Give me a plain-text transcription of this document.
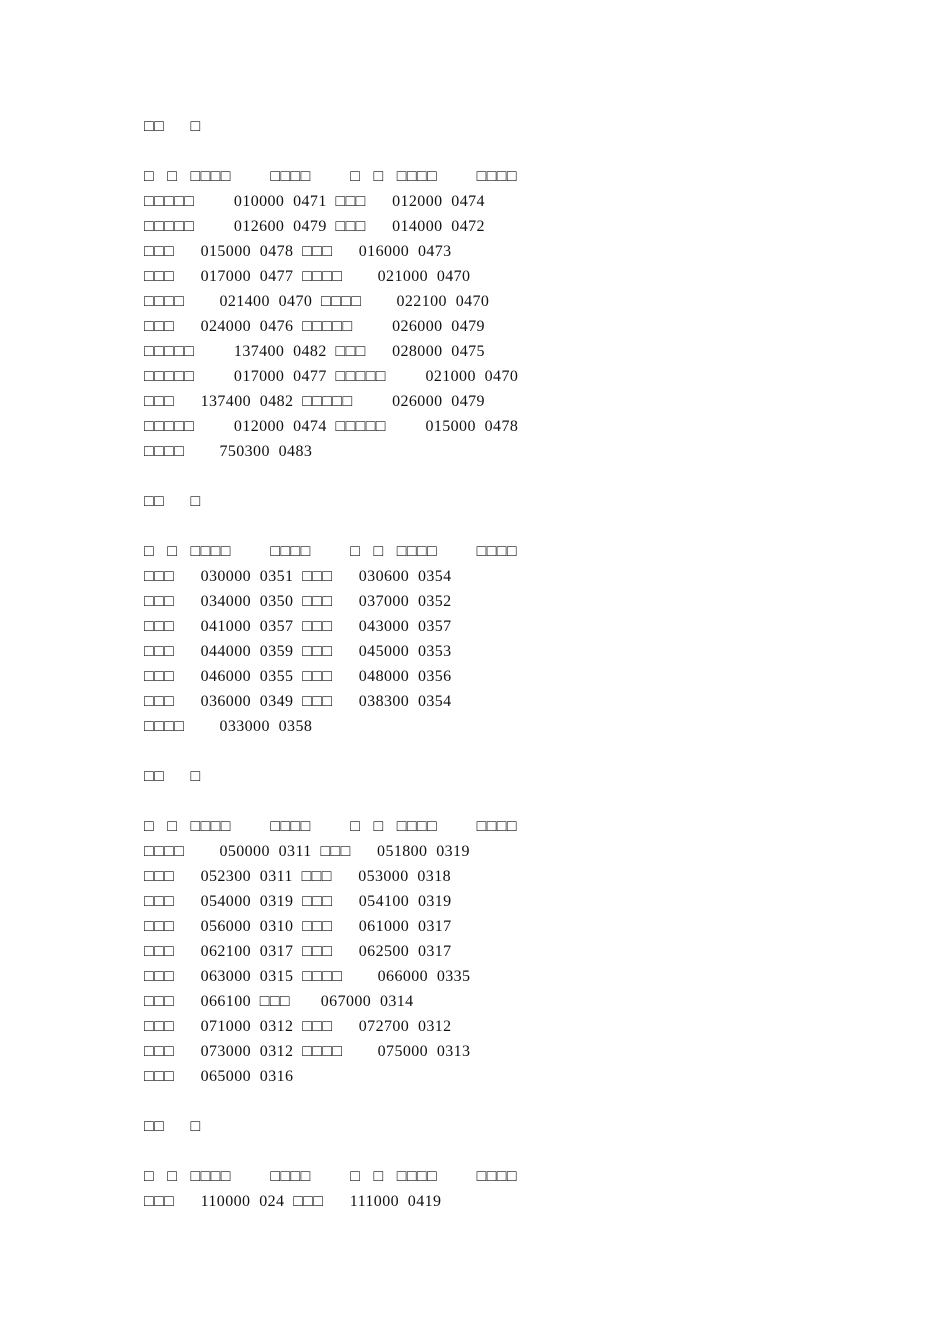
□□      □
□   □   □□□□         □□□□         □   □   □□□□         □□□□
□□□□□         010000  0471  □□□      012000  0474
□□□□□         012600  0479  □□□      014000  0472
□□□      015000  0478  □□□      016000  0473
□□□      017000  0477  □□□□        021000  0470
□□□□        021400  0470  □□□□        022100  0470
□□□      024000  0476  □□□□□         026000  0479
□□□□□         137400  0482  □□□      028000  0475
□□□□□         017000  0477  □□□□□         021000  0470
□□□      137400  0482  □□□□□         026000  0479
□□□□□         012000  0474  □□□□□         015000  0478
□□□□        750300  0483
□□      □
□   □   □□□□         □□□□         □   □   □□□□         □□□□
□□□      030000  0351  □□□      030600  0354
□□□      034000  0350  □□□      037000  0352
□□□      041000  0357  □□□      043000  0357
□□□      044000  0359  □□□      045000  0353
□□□      046000  0355  □□□      048000  0356
□□□      036000  0349  □□□      038300  0354
□□□□        033000  0358
□□      □
□   □   □□□□         □□□□         □   □   □□□□         □□□□
□□□□        050000  0311  □□□      051800  0319
□□□      052300  0311  □□□      053000  0318
□□□      054000  0319  □□□      054100  0319
□□□      056000  0310  □□□      061000  0317
□□□      062100  0317  □□□      062500  0317
□□□      063000  0315  □□□□        066000  0335
□□□      066100  □□□       067000  0314
□□□      071000  0312  □□□      072700  0312
□□□      073000  0312  □□□□        075000  0313
□□□      065000  0316
□□      □
□   □   □□□□         □□□□         □   □   □□□□         □□□□
□□□      110000  024  □□□      111000  0419
